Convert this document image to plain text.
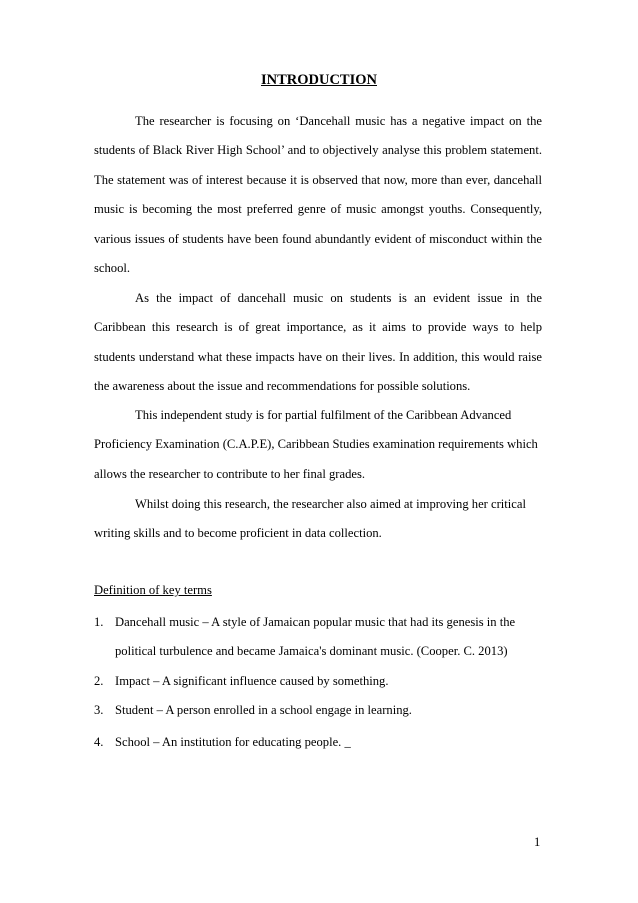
INTRODUCTION

The researcher is focusing on ‘Dancehall music has a negative impact on the students of Black River High School’ and to objectively analyse this problem statement. The statement was of interest because it is observed that now, more than ever, dancehall music is becoming the most preferred genre of music amongst youths. Consequently, various issues of students have been found abundantly evident of misconduct within the school.

As the impact of dancehall music on students is an evident issue in the Caribbean this research is of great importance, as it aims to provide ways to help students understand what these impacts have on their lives. In addition, this would raise the awareness about the issue and recommendations for possible solutions.

This independent study is for partial fulfilment of the Caribbean Advanced Proficiency Examination (C.A.P.E), Caribbean Studies examination requirements which allows the researcher to contribute to her final grades.

Whilst doing this research, the researcher also aimed at improving her critical writing skills and to become proficient in data collection.

Definition of key terms
1. Dancehall music – A style of Jamaican popular music that had its genesis in the political turbulence and became Jamaica's dominant music. (Cooper. C. 2013)
2. Impact – A significant influence caused by something.
3. Student – A person enrolled in a school engage in learning.
4. School – An institution for educating people. _
1
